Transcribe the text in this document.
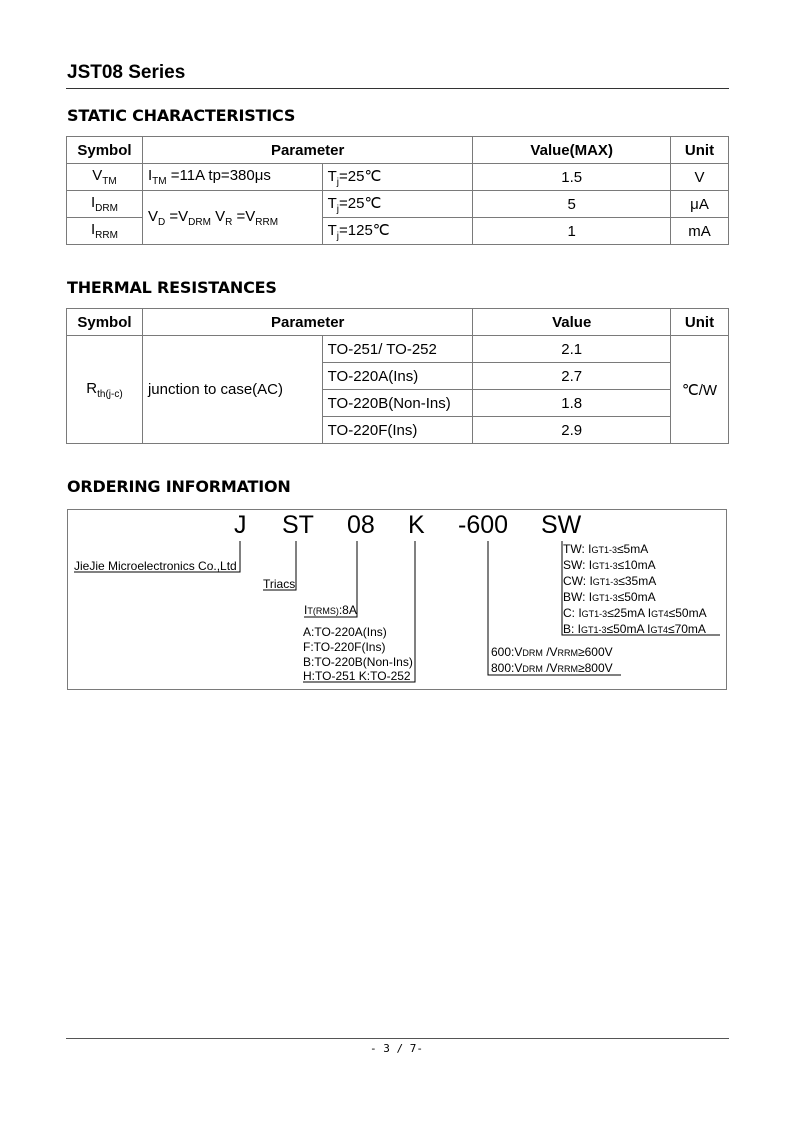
JST08 Series
STATIC CHARACTERISTICS
Symbol	Parameter		Value(MAX)	Unit
$V_{TM}$	$I_{TM} =11A$ tp=380μs	$T_j=25℃$	1.5	V
$I_{DRM}$	$V_D =V_{DRM}$ $V_R =V_{RRM}$	$T_j=25℃$	5	μA
$I_{RRM}$		$T_j=125℃$	1	mA
THERMAL RESISTANCES
Symbol	Parameter		Value	Unit
$R_{th(j-c)}$	junction to case(AC)	TO-251/ TO-252	2.1	℃/W
		TO-220A(Ins)	2.7	
		TO-220B(Non-Ins)	1.8	
		TO-220F(Ins)	2.9	
ORDERING INFORMATION
J ST 08 K -600 SW
JieJie Microelectronics Co.,Ltd
Triacs
IT(RMS):8A
A:TO-220A(Ins)
F:TO-220F(Ins)
B:TO-220B(Non-Ins)
H:TO-251 K:TO-252
600:VDRM /VRRM≥600V
800:VDRM /VRRM≥800V
TW: IGT1-3≤5mA
SW: IGT1-3≤10mA
CW: IGT1-3≤35mA
BW: IGT1-3≤50mA
C: IGT1-3≤25mA IGT4≤50mA
B: IGT1-3≤50mA IGT4≤70mA
- 3 / 7-
